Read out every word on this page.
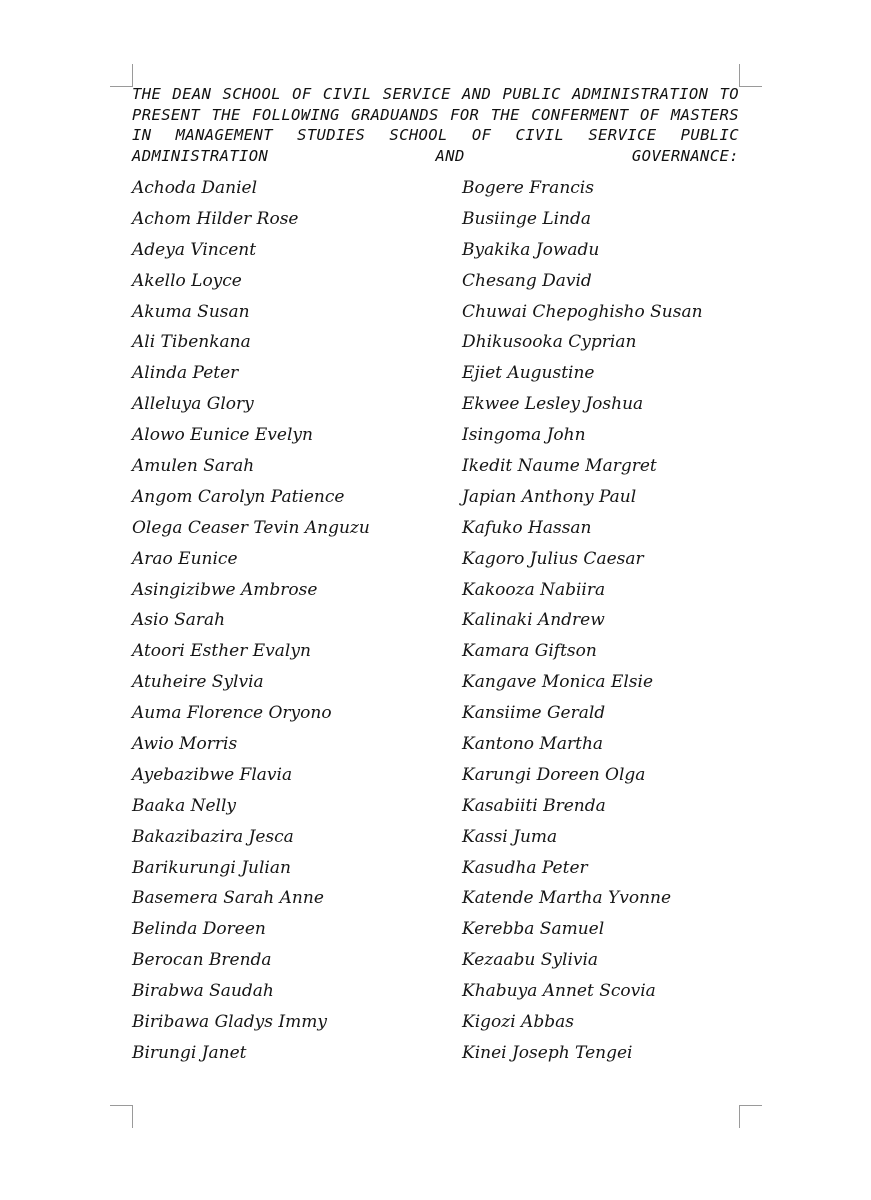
THE DEAN SCHOOL OF CIVIL SERVICE AND PUBLIC ADMINISTRATION TO PRESENT THE FOLLOWING GRADUANDS FOR THE CONFERMENT OF MASTERS IN MANAGEMENT STUDIES SCHOOL OF CIVIL SERVICE PUBLIC ADMINISTRATION AND GOVERNANCE:

Achoda Daniel
Achom Hilder Rose
Adeya Vincent
Akello Loyce
Akuma Susan
Ali Tibenkana
Alinda Peter
Alleluya Glory
Alowo Eunice Evelyn
Amulen Sarah
Angom Carolyn Patience
Olega Ceaser Tevin Anguzu
Arao Eunice
Asingizibwe Ambrose
Asio Sarah
Atoori Esther Evalyn
Atuheire Sylvia
Auma Florence Oryono
Awio Morris
Ayebazibwe Flavia
Baaka Nelly
Bakazibazira Jesca
Barikurungi Julian
Basemera Sarah Anne
Belinda Doreen
Berocan Brenda
Birabwa Saudah
Biribawa Gladys Immy
Birungi Janet
Bogere Francis
Busiinge Linda
Byakika Jowadu
Chesang David
Chuwai Chepoghisho Susan
Dhikusooka Cyprian
Ejiet Augustine
Ekwee Lesley Joshua
Isingoma John
Ikedit Naume Margret
Japian Anthony Paul
Kafuko Hassan
Kagoro Julius Caesar
Kakooza Nabiira
Kalinaki Andrew
Kamara Giftson
Kangave Monica Elsie
Kansiime Gerald
Kantono Martha
Karungi Doreen Olga
Kasabiiti Brenda
Kassi Juma
Kasudha Peter
Katende Martha Yvonne
Kerebba Samuel
Kezaabu Sylivia
Khabuya Annet Scovia
Kigozi Abbas
Kinei Joseph Tengei
